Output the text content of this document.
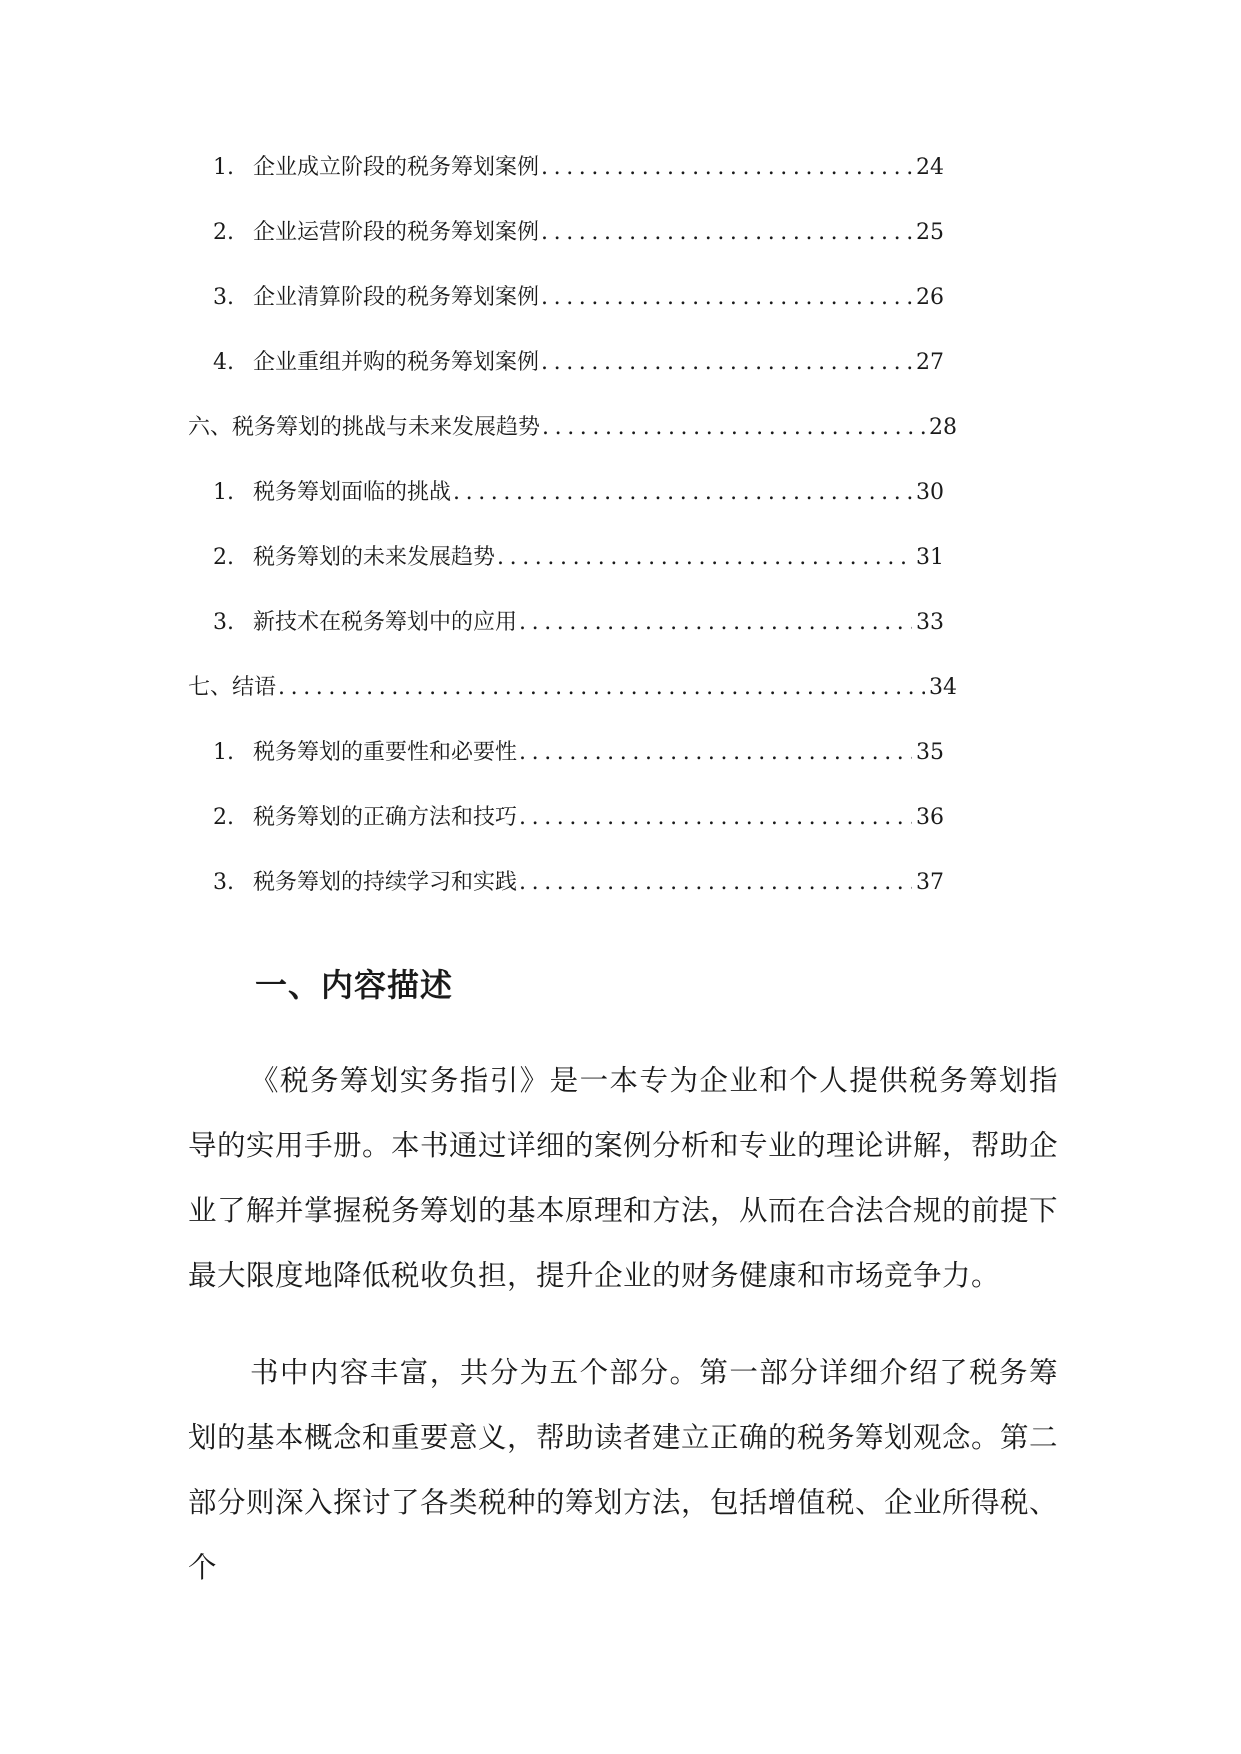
1. 企业成立阶段的税务筹划案例 .....	24
2. 企业运营阶段的税务筹划案例 .....	25
3. 企业清算阶段的税务筹划案例 .....	26
4. 企业重组并购的税务筹划案例 .....	27
六、税务筹划的挑战与未来发展趋势 .....	28
1. 税务筹划面临的挑战 .....	30
2. 税务筹划的未来发展趋势 .....	31
3. 新技术在税务筹划中的应用 .....	33
七、结语 .....	34
1. 税务筹划的重要性和必要性 .....	35
2. 税务筹划的正确方法和技巧 .....	36
3. 税务筹划的持续学习和实践 .....	37
一、内容描述

《税务筹划实务指引》是一本专为企业和个人提供税务筹划指导的实用手册。本书通过详细的案例分析和专业的理论讲解，帮助企业了解并掌握税务筹划的基本原理和方法，从而在合法合规的前提下最大限度地降低税收负担，提升企业的财务健康和市场竞争力。

书中内容丰富，共分为五个部分。第一部分详细介绍了税务筹划的基本概念和重要意义，帮助读者建立正确的税务筹划观念。第二部分则深入探讨了各类税种的筹划方法，包括增值税、企业所得税、个
